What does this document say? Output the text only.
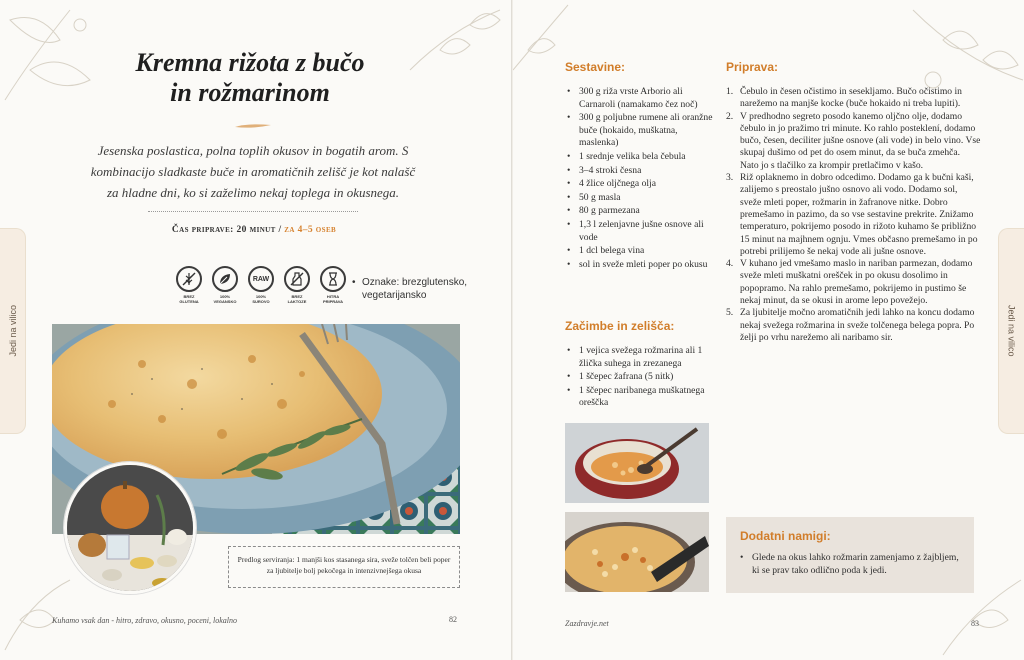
Jedi na vilico
Kremna rižota z bučo
in rožmarinom

Jesenska poslastica, polna toplih okusov in bogatih arom. S kombinacijo sladkaste buče in aromatičnih zelišč je kot nalašč za hladne dni, ko si zaželimo nekaj toplega in okusnega.

Čas priprave: 20 minut / za 4–5 oseb
BREZ GLUTENA
100% VEGANSKO
RAW
100% SUROVO
BREZ LAKTOZE
HITRA PRIPRAVA
• Oznake: brezglutensko, vegetarijansko
Predlog serviranja: 1 manjši kos stasanega sira, sveže tolčen beli poper za ljubitelje bolj pekočega in intenzivnejšega okusa
Kuhamo vsak dan - hitro, zdravo, okusno, poceni, lokalno	82
Jedi na vilico
Sestavine:
• 300 g riža vrste Arborio ali Carnaroli (namakamo čez noč)
• 300 g poljubne rumene ali oranžne buče (hokaido, muškatna, maslenka)
• 1 srednje velika bela čebula
• 3–4 stroki česna
• 4 žlice oljčnega olja
• 50 g masla
• 80 g parmezana
• 1,3 l zelenjavne jušne osnove ali vode
• 1 dcl belega vina
• sol in sveže mleti poper po okusu
Začimbe in zelišča:
• 1 vejica svežega rožmarina ali 1 žlička suhega in zrezanega
• 1 ščepec žafrana (5 nitk)
• 1 ščepec naribanega muškatnega oreščka
Priprava:
1. Čebulo in česen očistimo in sesekljamo. Bučo očistimo in narežemo na manjše kocke (buče hokaido ni treba lupiti).
2. V predhodno segreto posodo kanemo oljčno olje, dodamo čebulo in jo pražimo tri minute. Ko rahlo posteklení, dodamo bučo, česen, deciliter jušne osnove (ali vode) in belo vino. Vse skupaj dušimo od pet do osem minut, da se buča zmehča. Nato jo s tlačilko za krompir pretlačimo v kašo.
3. Riž oplaknemo in dobro odcedimo. Dodamo ga k bučni kaši, zalijemo s preostalo jušno osnovo ali vodo. Dodamo sol, sveže mleti poper, rožmarin in žafranove nitke. Dobro premešamo in pazimo, da so vse sestavine prekrite. Znižamo temperaturo, pokrijemo posodo in rižoto kuhamo še približno 15 minut na majhnem ognju. Vmes občasno premešamo in po potrebi prilijemo še nekaj vode ali jušne osnove.
4. V kuhano jed vmešamo maslo in nariban parmezan, dodamo sveže mleti muškatni orešček in po okusu dosolimo in popopramo. Na rahlo premešamo, pokrijemo in pustimo še nekaj minut, da se okusi in arome lepo povežejo.
5. Za ljubitelje močno aromatičnih jedi lahko na koncu dodamo nekaj svežega rožmarina in sveže tolčenega belega popra. Po želji po vrhu narežemo ali naribamo sir.
Dodatni namigi:
• Glede na okus lahko rožmarin zamenjamo z žajbljem, ki se prav tako odlično poda k jedi.
Zazdravje.net	83
